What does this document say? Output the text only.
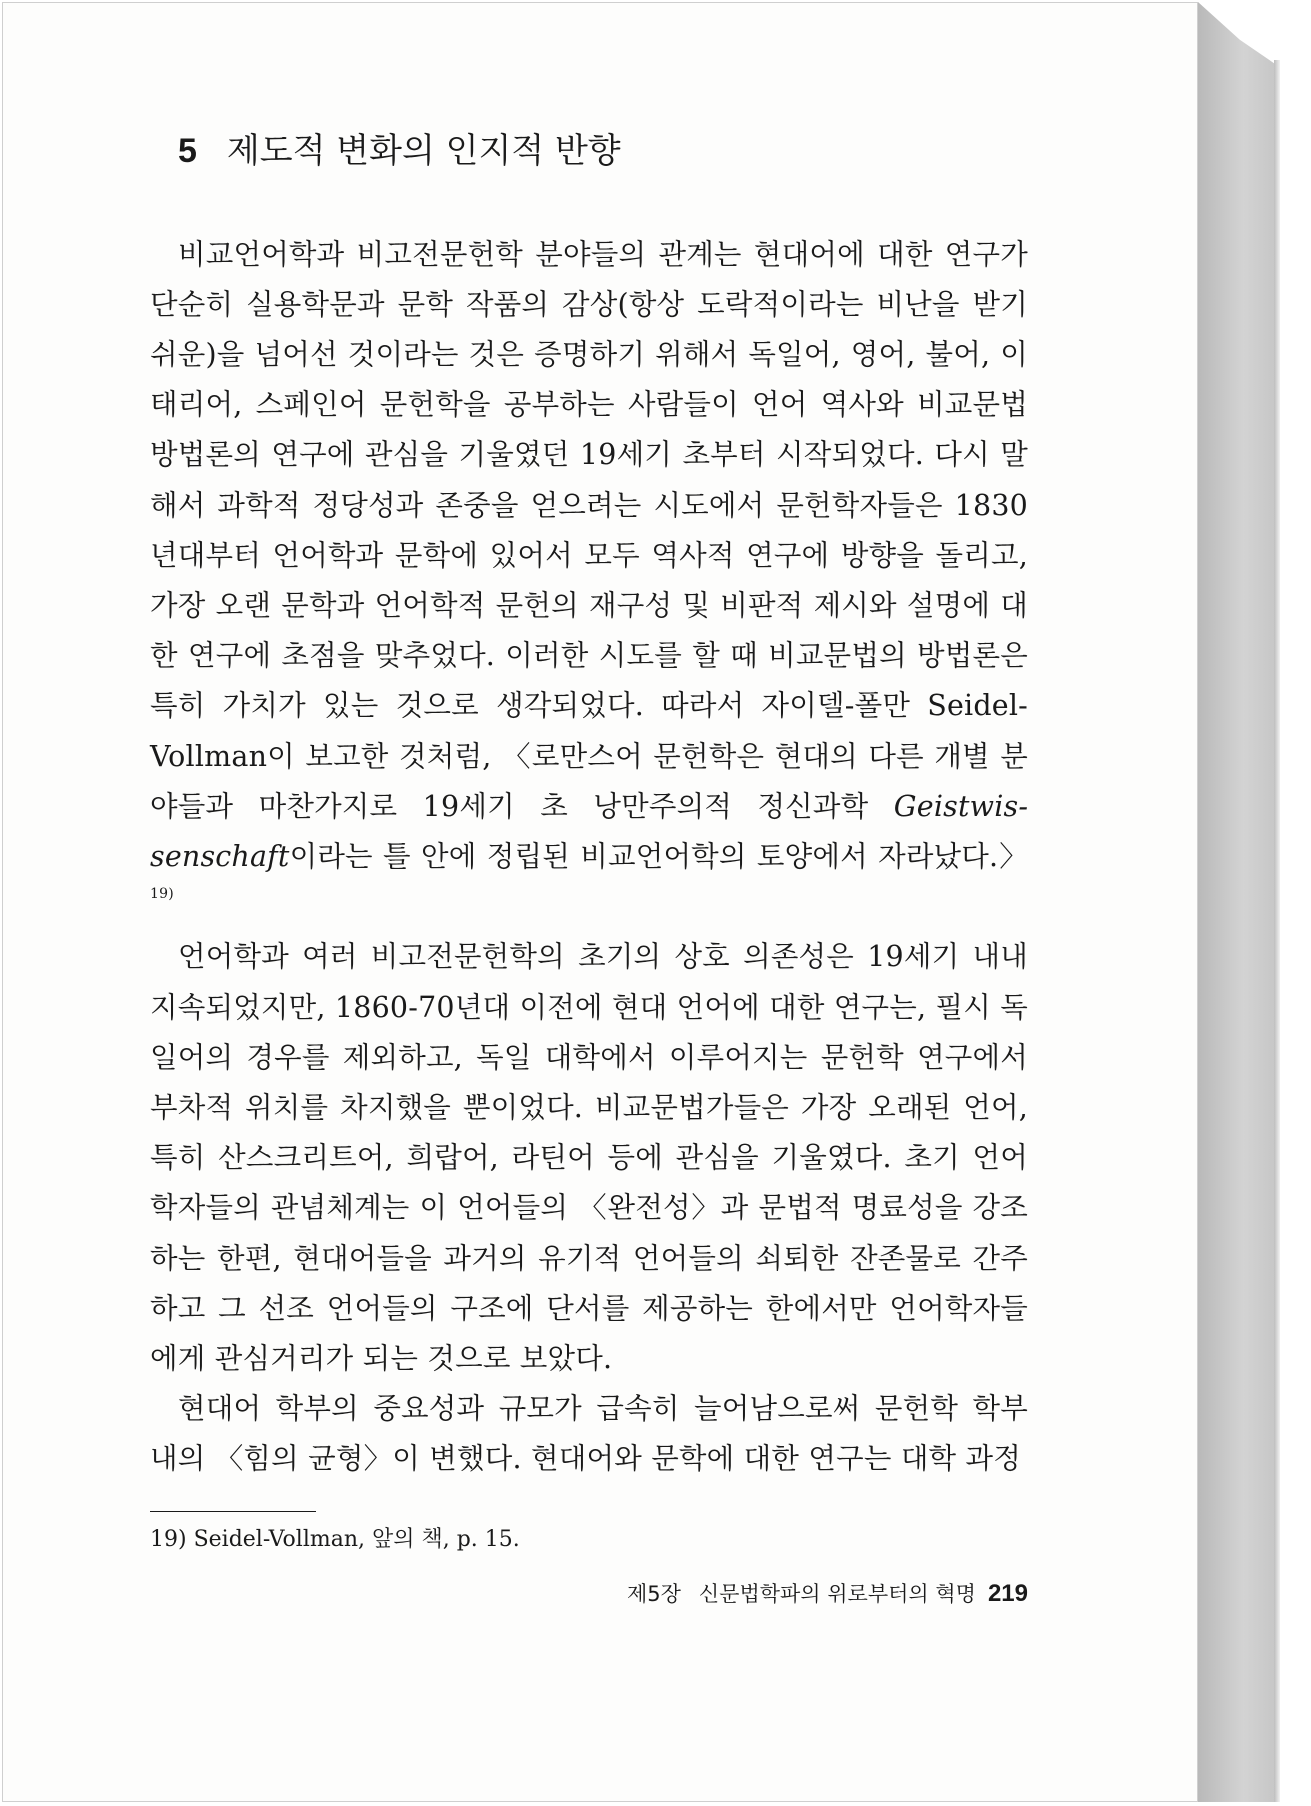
5 제도적 변화의 인지적 반향

비교언어학과 비고전문헌학 분야들의 관계는 현대어에 대한 연구가 단순히 실용학문과 문학 작품의 감상(항상 도락적이라는 비난을 받기 쉬운)을 넘어선 것이라는 것은 증명하기 위해서 독일어, 영어, 불어, 이태리어, 스페인어 문헌학을 공부하는 사람들이 언어 역사와 비교문법 방법론의 연구에 관심을 기울였던 19세기 초부터 시작되었다. 다시 말해서 과학적 정당성과 존중을 얻으려는 시도에서 문헌학자들은 1830년대부터 언어학과 문학에 있어서 모두 역사적 연구에 방향을 돌리고, 가장 오랜 문학과 언어학적 문헌의 재구성 및 비판적 제시와 설명에 대한 연구에 초점을 맞추었다. 이러한 시도를 할 때 비교문법의 방법론은 특히 가치가 있는 것으로 생각되었다. 따라서 자이델-폴만 Seidel-Vollman이 보고한 것처럼, 〈로만스어 문헌학은 현대의 다른 개별 분야들과 마찬가지로 19세기 초 낭만주의적 정신과학 Geistwissenschaft이라는 틀 안에 정립된 비교언어학의 토양에서 자라났다.〉$^{19)}$

언어학과 여러 비고전문헌학의 초기의 상호 의존성은 19세기 내내 지속되었지만, 1860-70년대 이전에 현대 언어에 대한 연구는, 필시 독일어의 경우를 제외하고, 독일 대학에서 이루어지는 문헌학 연구에서 부차적 위치를 차지했을 뿐이었다. 비교문법가들은 가장 오래된 언어, 특히 산스크리트어, 희랍어, 라틴어 등에 관심을 기울였다. 초기 언어학자들의 관념체계는 이 언어들의 〈완전성〉과 문법적 명료성을 강조하는 한편, 현대어들을 과거의 유기적 언어들의 쇠퇴한 잔존물로 간주하고 그 선조 언어들의 구조에 단서를 제공하는 한에서만 언어학자들에게 관심거리가 되는 것으로 보았다.

현대어 학부의 중요성과 규모가 급속히 늘어남으로써 문헌학 학부 내의 〈힘의 균형〉이 변했다. 현대어와 문학에 대한 연구는 대학 과정

19) Seidel-Vollman, 앞의 책, p. 15.

제5장 신문법학파의 위로부터의 혁명 219
